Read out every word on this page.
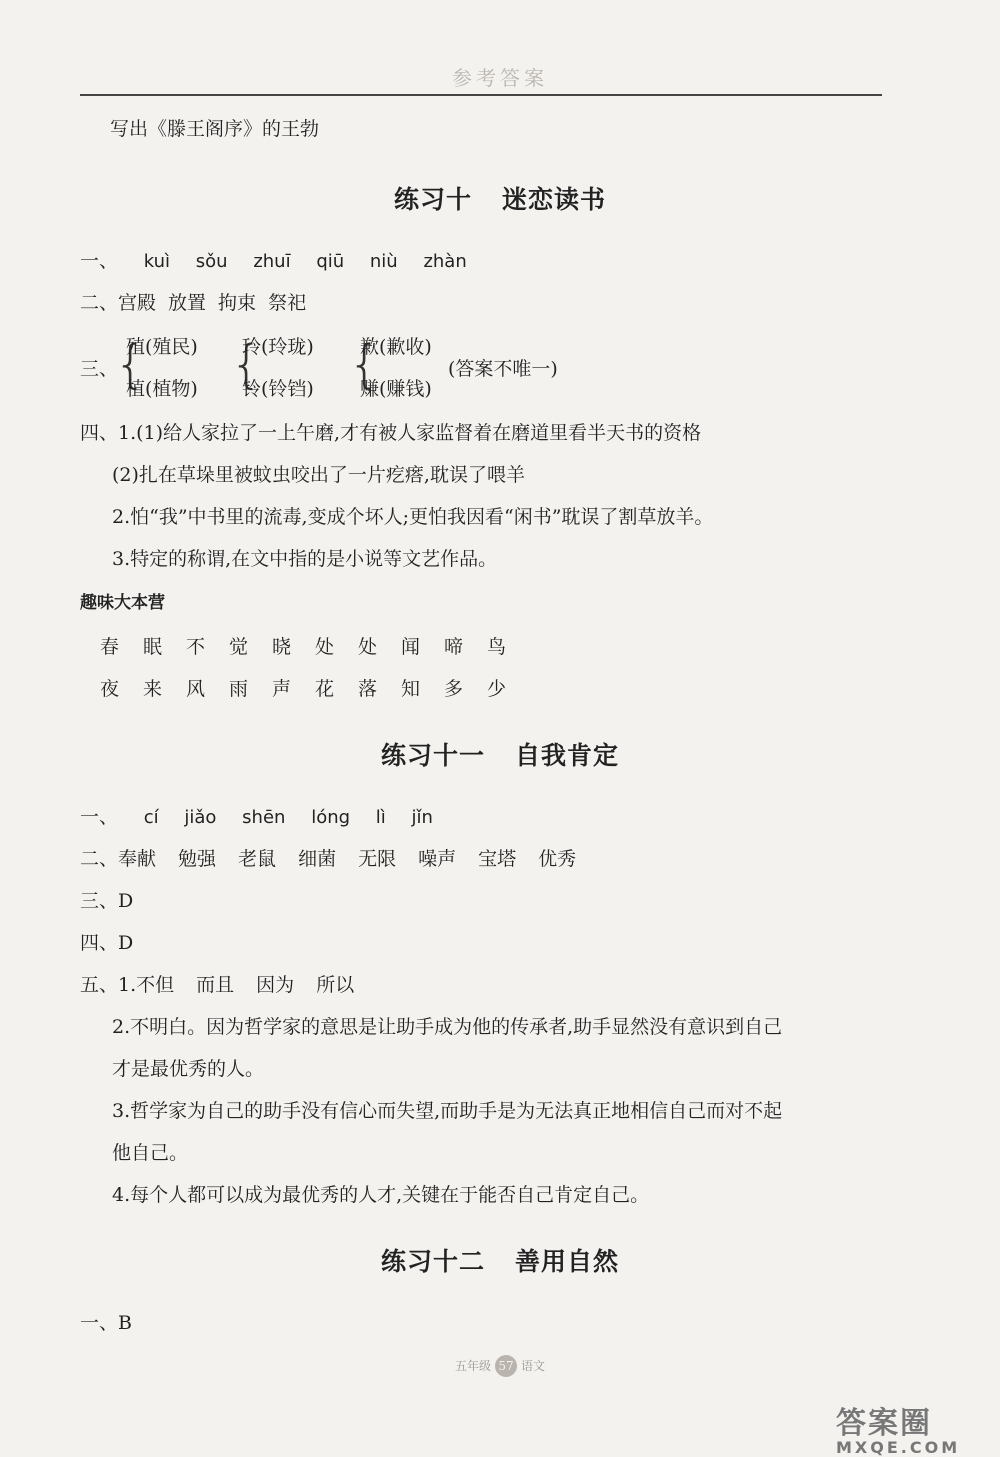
参考答案
写出《滕王阁序》的王勃
练习十 迷恋读书
一、 kuì sǒu zhuī qiū niù zhàn
二、宫殿 放置 拘束 祭祀
三、
{
殖(殖民)
植(植物) {
玲(玲珑)
铃(铃铛) {
歉(歉收)
赚(赚钱)
(答案不唯一)
四、1.(1)给人家拉了一上午磨,才有被人家监督着在磨道里看半天书的资格
(2)扎在草垛里被蚊虫咬出了一片疙瘩,耽误了喂羊
2.怕“我”中书里的流毒,变成个坏人;更怕我因看“闲书”耽误了割草放羊。
3.特定的称谓,在文中指的是小说等文艺作品。
趣味大本营
春 眠 不 觉 晓 处 处 闻 啼 鸟
夜 来 风 雨 声 花 落 知 多 少
练习十一 自我肯定
一、 cí jiǎo shēn lóng lì jǐn
二、奉献 勉强 老鼠 细菌 无限 噪声 宝塔 优秀
三、D
四、D
五、1.不但 而且 因为 所以
2.不明白。因为哲学家的意思是让助手成为他的传承者,助手显然没有意识到自己
才是最优秀的人。
3.哲学家为自己的助手没有信心而失望,而助手是为无法真正地相信自己而对不起
他自己。
4.每个人都可以成为最优秀的人才,关键在于能否自己肯定自己。
练习十二 善用自然
一、B
五年级 57 语文
答案圈
MXQE.COM
